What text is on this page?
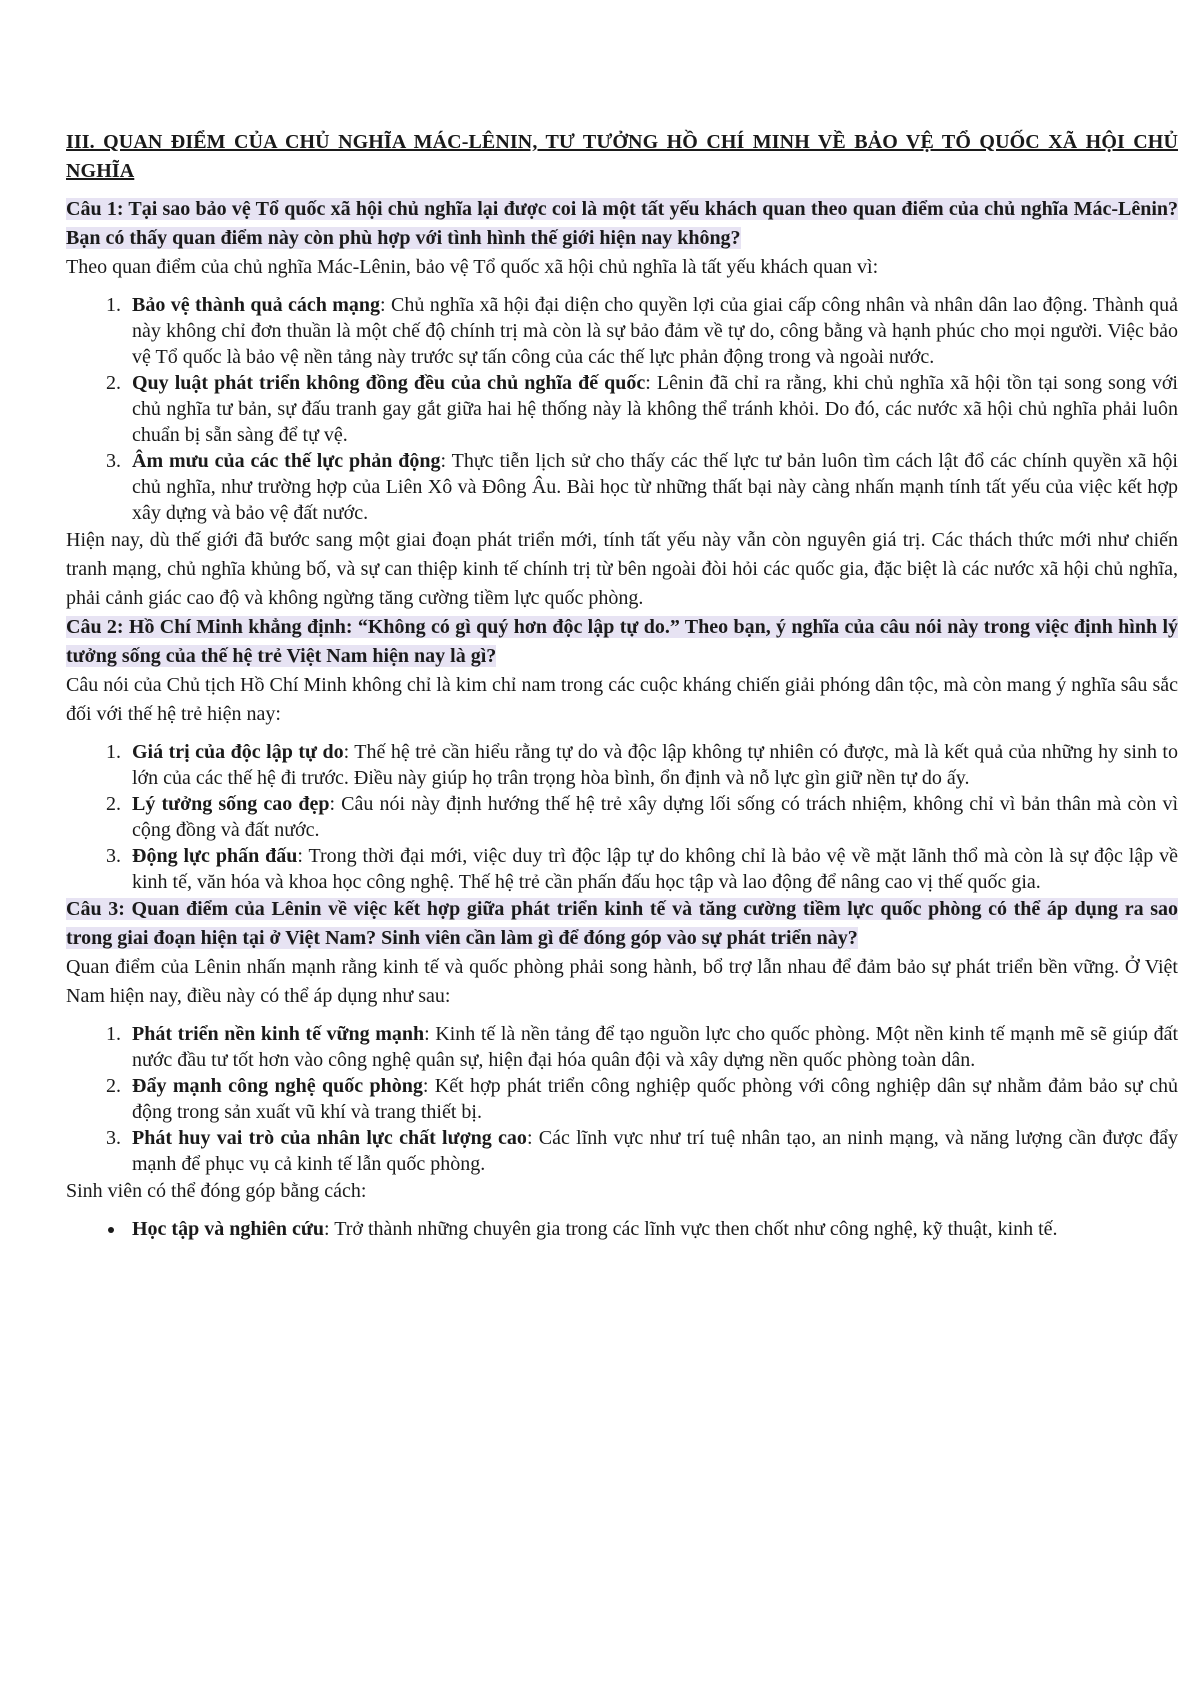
III. QUAN ĐIỂM CỦA CHỦ NGHĨA MÁC-LÊNIN, TƯ TƯỞNG HỒ CHÍ MINH VỀ BẢO VỆ TỔ QUỐC XÃ HỘI CHỦ NGHĨA

Câu 1: Tại sao bảo vệ Tổ quốc xã hội chủ nghĩa lại được coi là một tất yếu khách quan theo quan điểm của chủ nghĩa Mác-Lênin? Bạn có thấy quan điểm này còn phù hợp với tình hình thế giới hiện nay không?

Theo quan điểm của chủ nghĩa Mác-Lênin, bảo vệ Tổ quốc xã hội chủ nghĩa là tất yếu khách quan vì:

1. Bảo vệ thành quả cách mạng: Chủ nghĩa xã hội đại diện cho quyền lợi của giai cấp công nhân và nhân dân lao động. Thành quả này không chỉ đơn thuần là một chế độ chính trị mà còn là sự bảo đảm về tự do, công bằng và hạnh phúc cho mọi người. Việc bảo vệ Tổ quốc là bảo vệ nền tảng này trước sự tấn công của các thế lực phản động trong và ngoài nước.
2. Quy luật phát triển không đồng đều của chủ nghĩa đế quốc: Lênin đã chỉ ra rằng, khi chủ nghĩa xã hội tồn tại song song với chủ nghĩa tư bản, sự đấu tranh gay gắt giữa hai hệ thống này là không thể tránh khỏi. Do đó, các nước xã hội chủ nghĩa phải luôn chuẩn bị sẵn sàng để tự vệ.
3. Âm mưu của các thế lực phản động: Thực tiễn lịch sử cho thấy các thế lực tư bản luôn tìm cách lật đổ các chính quyền xã hội chủ nghĩa, như trường hợp của Liên Xô và Đông Âu. Bài học từ những thất bại này càng nhấn mạnh tính tất yếu của việc kết hợp xây dựng và bảo vệ đất nước.

Hiện nay, dù thế giới đã bước sang một giai đoạn phát triển mới, tính tất yếu này vẫn còn nguyên giá trị. Các thách thức mới như chiến tranh mạng, chủ nghĩa khủng bố, và sự can thiệp kinh tế chính trị từ bên ngoài đòi hỏi các quốc gia, đặc biệt là các nước xã hội chủ nghĩa, phải cảnh giác cao độ và không ngừng tăng cường tiềm lực quốc phòng.

Câu 2: Hồ Chí Minh khẳng định: “Không có gì quý hơn độc lập tự do.” Theo bạn, ý nghĩa của câu nói này trong việc định hình lý tưởng sống của thế hệ trẻ Việt Nam hiện nay là gì?

Câu nói của Chủ tịch Hồ Chí Minh không chỉ là kim chỉ nam trong các cuộc kháng chiến giải phóng dân tộc, mà còn mang ý nghĩa sâu sắc đối với thế hệ trẻ hiện nay:

1. Giá trị của độc lập tự do: Thế hệ trẻ cần hiểu rằng tự do và độc lập không tự nhiên có được, mà là kết quả của những hy sinh to lớn của các thế hệ đi trước. Điều này giúp họ trân trọng hòa bình, ổn định và nỗ lực gìn giữ nền tự do ấy.
2. Lý tưởng sống cao đẹp: Câu nói này định hướng thế hệ trẻ xây dựng lối sống có trách nhiệm, không chỉ vì bản thân mà còn vì cộng đồng và đất nước.
3. Động lực phấn đấu: Trong thời đại mới, việc duy trì độc lập tự do không chỉ là bảo vệ về mặt lãnh thổ mà còn là sự độc lập về kinh tế, văn hóa và khoa học công nghệ. Thế hệ trẻ cần phấn đấu học tập và lao động để nâng cao vị thế quốc gia.

Câu 3: Quan điểm của Lênin về việc kết hợp giữa phát triển kinh tế và tăng cường tiềm lực quốc phòng có thể áp dụng ra sao trong giai đoạn hiện tại ở Việt Nam? Sinh viên cần làm gì để đóng góp vào sự phát triển này?

Quan điểm của Lênin nhấn mạnh rằng kinh tế và quốc phòng phải song hành, bổ trợ lẫn nhau để đảm bảo sự phát triển bền vững. Ở Việt Nam hiện nay, điều này có thể áp dụng như sau:

1. Phát triển nền kinh tế vững mạnh: Kinh tế là nền tảng để tạo nguồn lực cho quốc phòng. Một nền kinh tế mạnh mẽ sẽ giúp đất nước đầu tư tốt hơn vào công nghệ quân sự, hiện đại hóa quân đội và xây dựng nền quốc phòng toàn dân.
2. Đẩy mạnh công nghệ quốc phòng: Kết hợp phát triển công nghiệp quốc phòng với công nghiệp dân sự nhằm đảm bảo sự chủ động trong sản xuất vũ khí và trang thiết bị.
3. Phát huy vai trò của nhân lực chất lượng cao: Các lĩnh vực như trí tuệ nhân tạo, an ninh mạng, và năng lượng cần được đẩy mạnh để phục vụ cả kinh tế lẫn quốc phòng.

Sinh viên có thể đóng góp bằng cách:

• Học tập và nghiên cứu: Trở thành những chuyên gia trong các lĩnh vực then chốt như công nghệ, kỹ thuật, kinh tế.
